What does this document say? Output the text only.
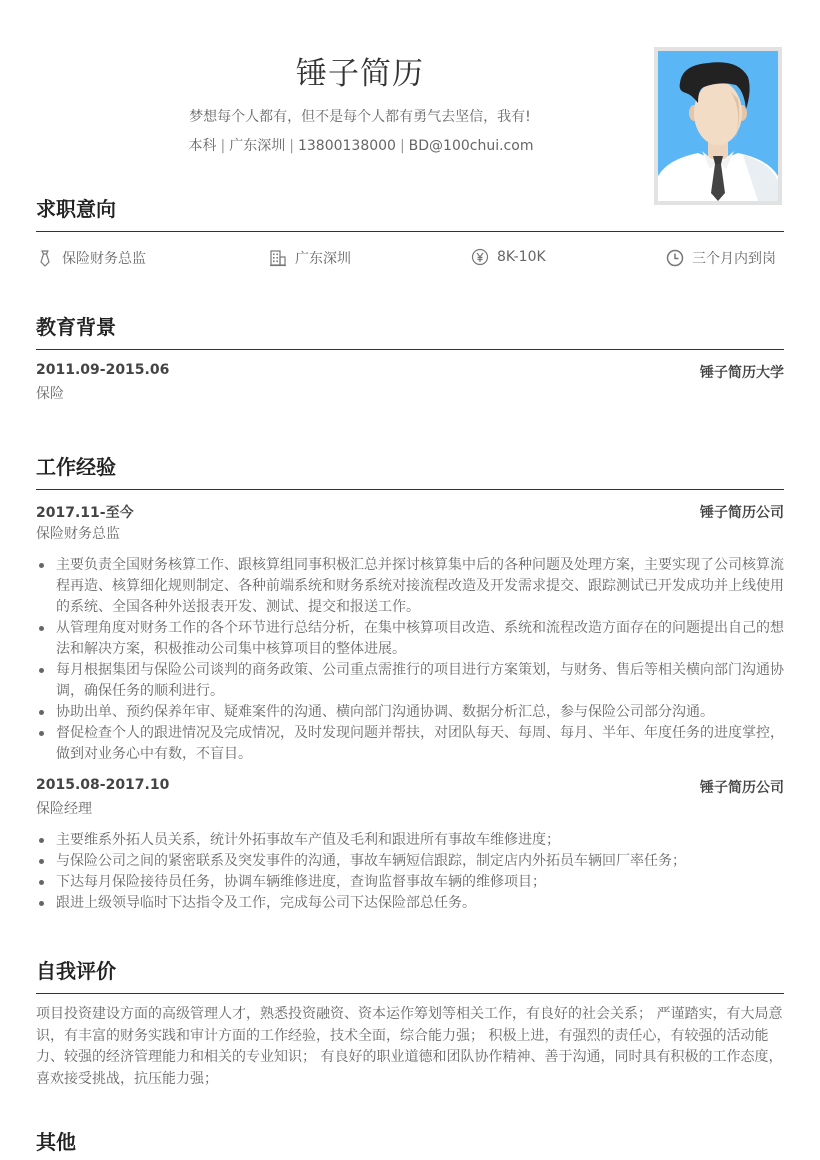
锤子简历
梦想每个人都有，但不是每个人都有勇气去坚信，我有!
本科 | 广东深圳 | 13800138000 | BD@100chui.com
求职意向
保险财务总监	广东深圳	8K-10K	三个月内到岗
教育背景
2011.09-2015.06	锤子简历大学
保险
工作经验
2017.11-至今	锤子简历公司
保险财务总监
主要负责全国财务核算工作、跟核算组同事积极汇总并探讨核算集中后的各种问题及处理方案，主要实现了公司核算流程再造、核算细化规则制定、各种前端系统和财务系统对接流程改造及开发需求提交、跟踪测试已开发成功并上线使用的系统、全国各种外送报表开发、测试、提交和报送工作。
从管理角度对财务工作的各个环节进行总结分析，在集中核算项目改造、系统和流程改造方面存在的问题提出自己的想法和解决方案，积极推动公司集中核算项目的整体进展。
每月根据集团与保险公司谈判的商务政策、公司重点需推行的项目进行方案策划，与财务、售后等相关横向部门沟通协调，确保任务的顺利进行。
协助出单、预约保养年审、疑难案件的沟通、横向部门沟通协调、数据分析汇总，参与保险公司部分沟通。
督促检查个人的跟进情况及完成情况，及时发现问题并帮扶，对团队每天、每周、每月、半年、年度任务的进度掌控，做到对业务心中有数，不盲目。
2015.08-2017.10	锤子简历公司
保险经理
主要维系外拓人员关系，统计外拓事故车产值及毛利和跟进所有事故车维修进度；
与保险公司之间的紧密联系及突发事件的沟通，事故车辆短信跟踪，制定店内外拓员车辆回厂率任务；
下达每月保险接待员任务，协调车辆维修进度，查询监督事故车辆的维修项目；
跟进上级领导临时下达指令及工作，完成每公司下达保险部总任务。
自我评价

项目投资建设方面的高级管理人才，熟悉投资融资、资本运作筹划等相关工作，有良好的社会关系； 严谨踏实，有大局意识，有丰富的财务实践和审计方面的工作经验，技术全面，综合能力强； 积极上进，有强烈的责任心，有较强的活动能力、较强的经济管理能力和相关的专业知识； 有良好的职业道德和团队协作精神、善于沟通，同时具有积极的工作态度，喜欢接受挑战，抗压能力强；

其他
